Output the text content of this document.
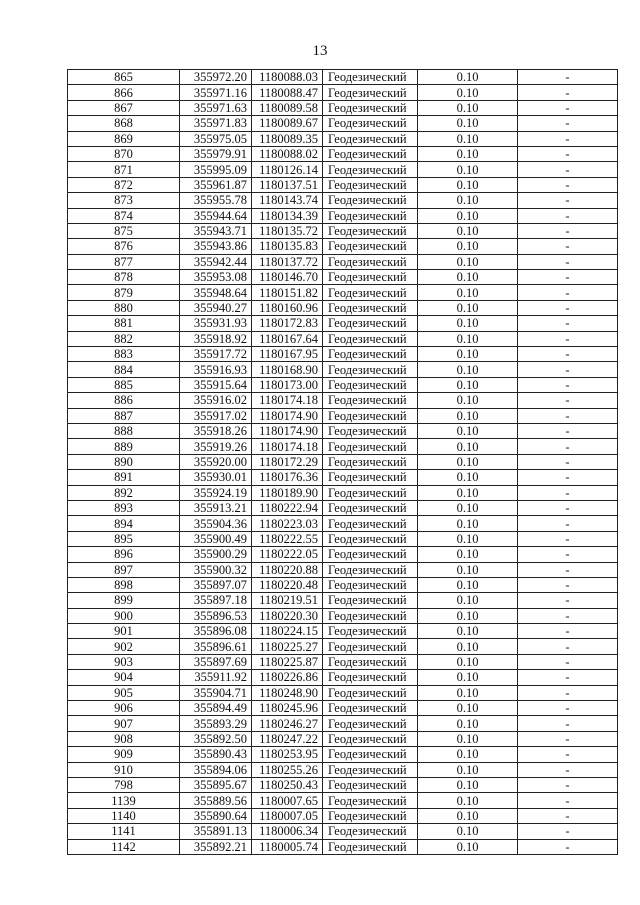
13
865	355972.20	1180088.03	Геодезический	0.10	-
866	355971.16	1180088.47	Геодезический	0.10	-
867	355971.63	1180089.58	Геодезический	0.10	-
868	355971.83	1180089.67	Геодезический	0.10	-
869	355975.05	1180089.35	Геодезический	0.10	-
870	355979.91	1180088.02	Геодезический	0.10	-
871	355995.09	1180126.14	Геодезический	0.10	-
872	355961.87	1180137.51	Геодезический	0.10	-
873	355955.78	1180143.74	Геодезический	0.10	-
874	355944.64	1180134.39	Геодезический	0.10	-
875	355943.71	1180135.72	Геодезический	0.10	-
876	355943.86	1180135.83	Геодезический	0.10	-
877	355942.44	1180137.72	Геодезический	0.10	-
878	355953.08	1180146.70	Геодезический	0.10	-
879	355948.64	1180151.82	Геодезический	0.10	-
880	355940.27	1180160.96	Геодезический	0.10	-
881	355931.93	1180172.83	Геодезический	0.10	-
882	355918.92	1180167.64	Геодезический	0.10	-
883	355917.72	1180167.95	Геодезический	0.10	-
884	355916.93	1180168.90	Геодезический	0.10	-
885	355915.64	1180173.00	Геодезический	0.10	-
886	355916.02	1180174.18	Геодезический	0.10	-
887	355917.02	1180174.90	Геодезический	0.10	-
888	355918.26	1180174.90	Геодезический	0.10	-
889	355919.26	1180174.18	Геодезический	0.10	-
890	355920.00	1180172.29	Геодезический	0.10	-
891	355930.01	1180176.36	Геодезический	0.10	-
892	355924.19	1180189.90	Геодезический	0.10	-
893	355913.21	1180222.94	Геодезический	0.10	-
894	355904.36	1180223.03	Геодезический	0.10	-
895	355900.49	1180222.55	Геодезический	0.10	-
896	355900.29	1180222.05	Геодезический	0.10	-
897	355900.32	1180220.88	Геодезический	0.10	-
898	355897.07	1180220.48	Геодезический	0.10	-
899	355897.18	1180219.51	Геодезический	0.10	-
900	355896.53	1180220.30	Геодезический	0.10	-
901	355896.08	1180224.15	Геодезический	0.10	-
902	355896.61	1180225.27	Геодезический	0.10	-
903	355897.69	1180225.87	Геодезический	0.10	-
904	355911.92	1180226.86	Геодезический	0.10	-
905	355904.71	1180248.90	Геодезический	0.10	-
906	355894.49	1180245.96	Геодезический	0.10	-
907	355893.29	1180246.27	Геодезический	0.10	-
908	355892.50	1180247.22	Геодезический	0.10	-
909	355890.43	1180253.95	Геодезический	0.10	-
910	355894.06	1180255.26	Геодезический	0.10	-
798	355895.67	1180250.43	Геодезический	0.10	-
1139	355889.56	1180007.65	Геодезический	0.10	-
1140	355890.64	1180007.05	Геодезический	0.10	-
1141	355891.13	1180006.34	Геодезический	0.10	-
1142	355892.21	1180005.74	Геодезический	0.10	-
